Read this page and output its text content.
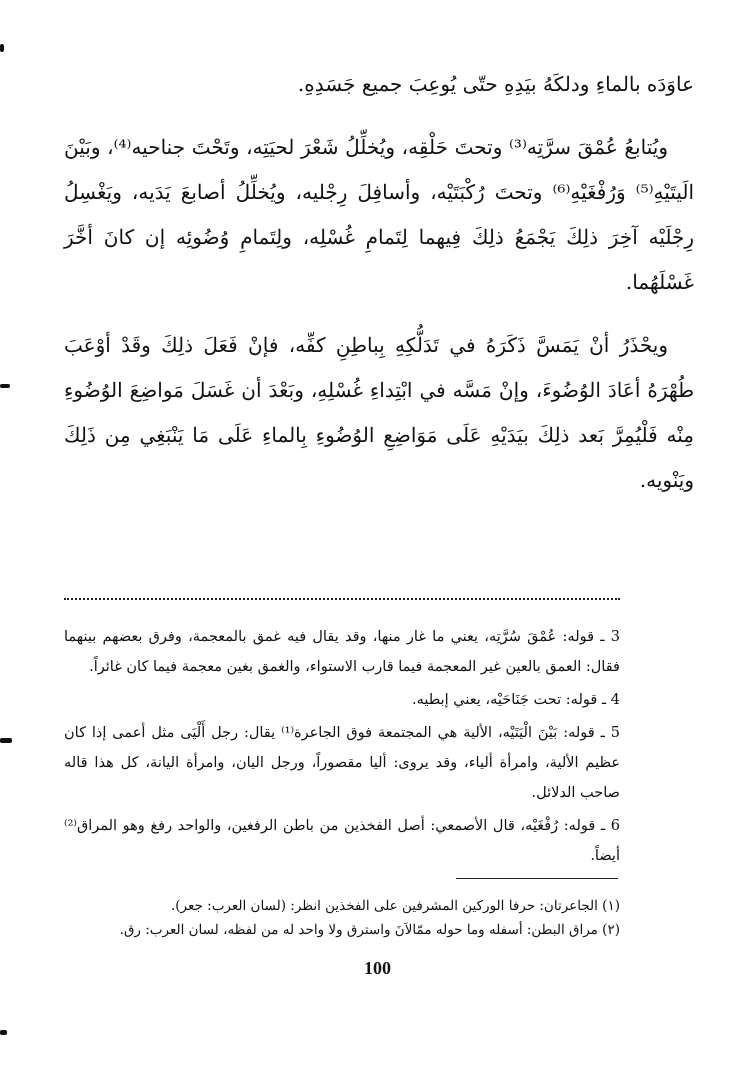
عاوَدَه بالماءِ ودلكَهُ بيَدِهِ حتّى يُوعِبَ جميع جَسَدِهِ.

ويُتابعُ عُمْقَ سرَّتِه⁽³⁾ وتحتَ حَلْقِه، ويُخلِّلُ شَعْرَ لحيَتِه، وتَحْتَ جناحيه⁽⁴⁾، وبَيْنَ الَيتَيْهِ⁽⁵⁾ وَرُفْغَيْهِ⁽⁶⁾ وتحتَ رُكْبَتَيْه، وأسافِلَ رِجْليه، ويُخلِّلُ أصابعَ يَدَيه، ويَغْسِلُ رِجْلَيْه آخِرَ ذلِكَ يَجْمَعُ ذلِكَ فِيهما لِتَمامِ غُسْلِه، ولِتَمامِ وُضُوئِه إن كانَ أخَّرَ غَسْلَهُما.

ويحْذَرُ أنْ يَمَسَّ ذَكَرَهُ في تَدَلُّكِهِ بِباطِنِ كفِّه، فإنْ فَعَلَ ذلِكَ وقَدْ أوْعَبَ طُهْرَهُ أعَادَ الوُضُوءَ، وإنْ مَسَّه في ابْتِداءِ غُسْلِهِ، وبَعْدَ أن غَسَلَ مَواضِعَ الوُضُوءِ مِنْه فَلْيُمِرَّ بَعد ذلِكَ بيَدَيْهِ عَلَى مَوَاضِعِ الوُضُوءِ بِالماءِ عَلَى مَا يَنْبَغِي مِن ذَلِكَ ويَنْويه.

3 ـ قوله: عُمْقَ سُرَّتِه، يعني ما غار منها، وقد يقال فيه غمق بالمعجمة، وفرق بعضهم بينهما فقال: العمق بالعين غير المعجمة فيما قارب الاستواء، والغمق بغين معجمة فيما كان غائراً.

4 ـ قوله: تحت جَنَاحَيْه، يعني إبطيه.

5 ـ قوله: بَيْنَ الْيَتَيْه، الألية هي المجتمعة فوق الجاعرة⁽¹⁾ يقال: رجل أَلْيَى مثل أعمى إذا كان عظيم الألية، وامرأة ألياء، وقد يروى: أليا مقصوراً، ورجل اليان، وامرأة اليانة، كل هذا قاله صاحب الدلائل.

6 ـ قوله: رُفْغَيْه، قال الأصمعي: أصل الفخذين من باطن الرفغين، والواحد رفغ وهو المراق⁽²⁾ أيضاً.

(١) الجاعرتان: حرفا الوركين المشرفين على الفخذين انظر: (لسان العرب: جعر).

(٢) مراق البطن: أسفله وما حوله ممّالاَنَ واسترق ولا واحد له من لفظه، لسان العرب: رق.

100
